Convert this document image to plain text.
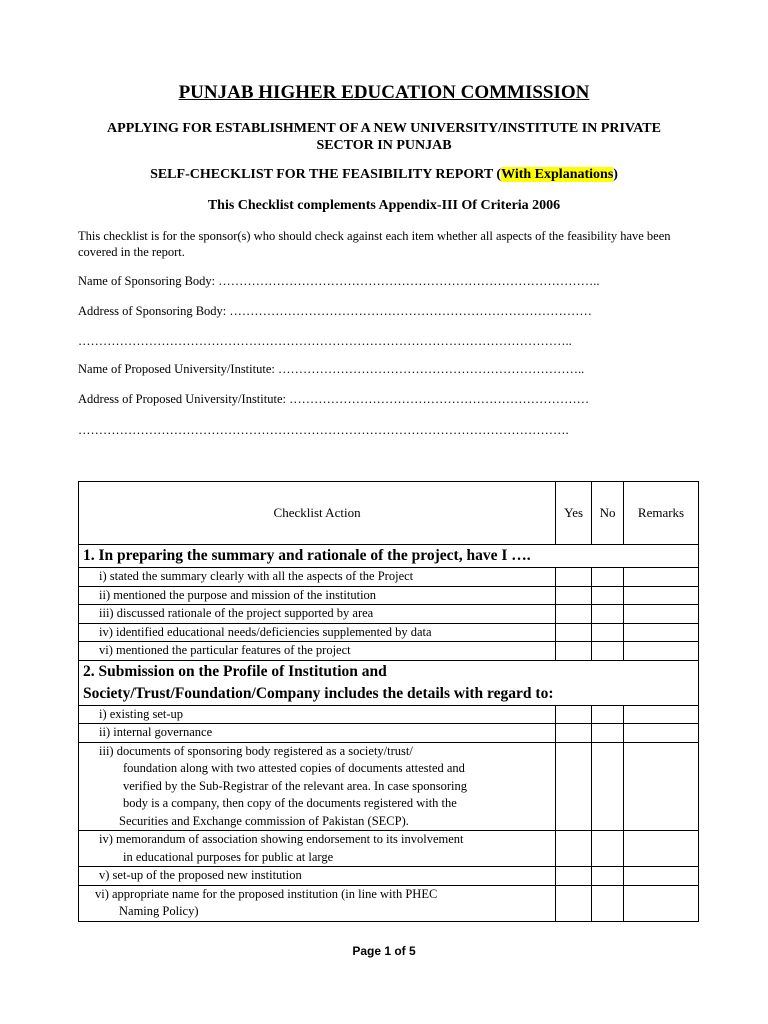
PUNJAB HIGHER EDUCATION COMMISSION
APPLYING FOR ESTABLISHMENT OF A NEW UNIVERSITY/INSTITUTE IN PRIVATE SECTOR IN PUNJAB
SELF-CHECKLIST FOR THE FEASIBILITY REPORT (With Explanations)
This Checklist complements Appendix-III Of Criteria 2006
This checklist is for the sponsor(s) who should check against each item whether all aspects of the feasibility have been covered in the report.
Name of Sponsoring Body: ………………………………………………………………………………..
Address of Sponsoring Body: ……………………………………………………………………………
………………………………………………………………………………………………………..
Name of Proposed University/Institute: ………………………………………………………………..
Address of Proposed University/Institute: ………………………………………………………………
……………………………………………………………………………………………………….
Checklist Action	Yes	No	Remarks
1. In preparing the summary and rationale of the project, have I ….			
i) stated the summary clearly with all the aspects of the Project			
ii) mentioned the purpose and mission of the institution			
iii) discussed rationale of the project supported by area			
iv) identified educational needs/deficiencies supplemented by data			
vi) mentioned the particular features of the project			

2. Submission on the Profile of Institution and
Society/Trust/Foundation/Company includes the details with regard to:			

i) existing set-up			
ii) internal governance			

iii) documents of sponsoring body registered as a society/trust/
foundation along with two attested copies of documents attested and
verified by the Sub-Registrar of the relevant area. In case sponsoring
body is a company, then copy of the documents registered with the
Securities and Exchange commission of Pakistan (SECP).			

iv) memorandum of association showing endorsement to its involvement
in educational purposes for public at large			

v) set-up of the proposed new institution			

vi) appropriate name for the proposed institution (in line with PHEC
Naming Policy)			

Page 1 of 5
